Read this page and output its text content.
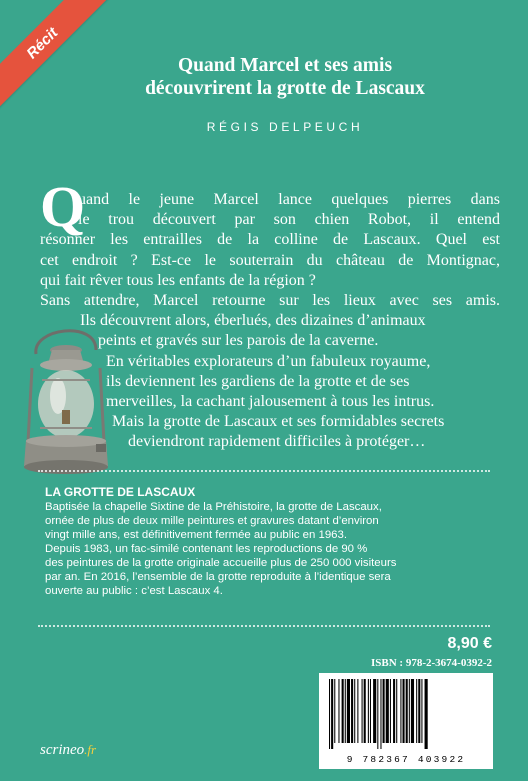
Récit
Quand Marcel et ses amis
découvrirent la grotte de Lascaux
RÉGIS DELPEUCH
Q
uand le jeune Marcel lance quelques pierres dans
le trou découvert par son chien Robot, il entend
résonner les entrailles de la colline de Lascaux. Quel est
cet endroit ? Est-ce le souterrain du château de Montignac,
qui fait rêver tous les enfants de la région ?
Sans attendre, Marcel retourne sur les lieux avec ses amis.
Ils découvrent alors, éberlués, des dizaines d’animaux
peints et gravés sur les parois de la caverne.
En véritables explorateurs d’un fabuleux royaume,
ils deviennent les gardiens de la grotte et de ses
merveilles, la cachant jalousement à tous les intrus.
Mais la grotte de Lascaux et ses formidables secrets
deviendront rapidement difficiles à protéger…
LA GROTTE DE LASCAUX
Baptisée la chapelle Sixtine de la Préhistoire, la grotte de Lascaux,
ornée de plus de deux mille peintures et gravures datant d’environ
vingt mille ans, est définitivement fermée au public en 1963.
Depuis 1983, un fac-similé contenant les reproductions de 90 %
des peintures de la grotte originale accueille plus de 250 000 visiteurs
par an. En 2016, l’ensemble de la grotte reproduite à l’identique sera
ouverte au public : c’est Lascaux 4.
8,90 €
ISBN : 978-2-3674-0392-2
9 782367 403922
scrineo.fr
